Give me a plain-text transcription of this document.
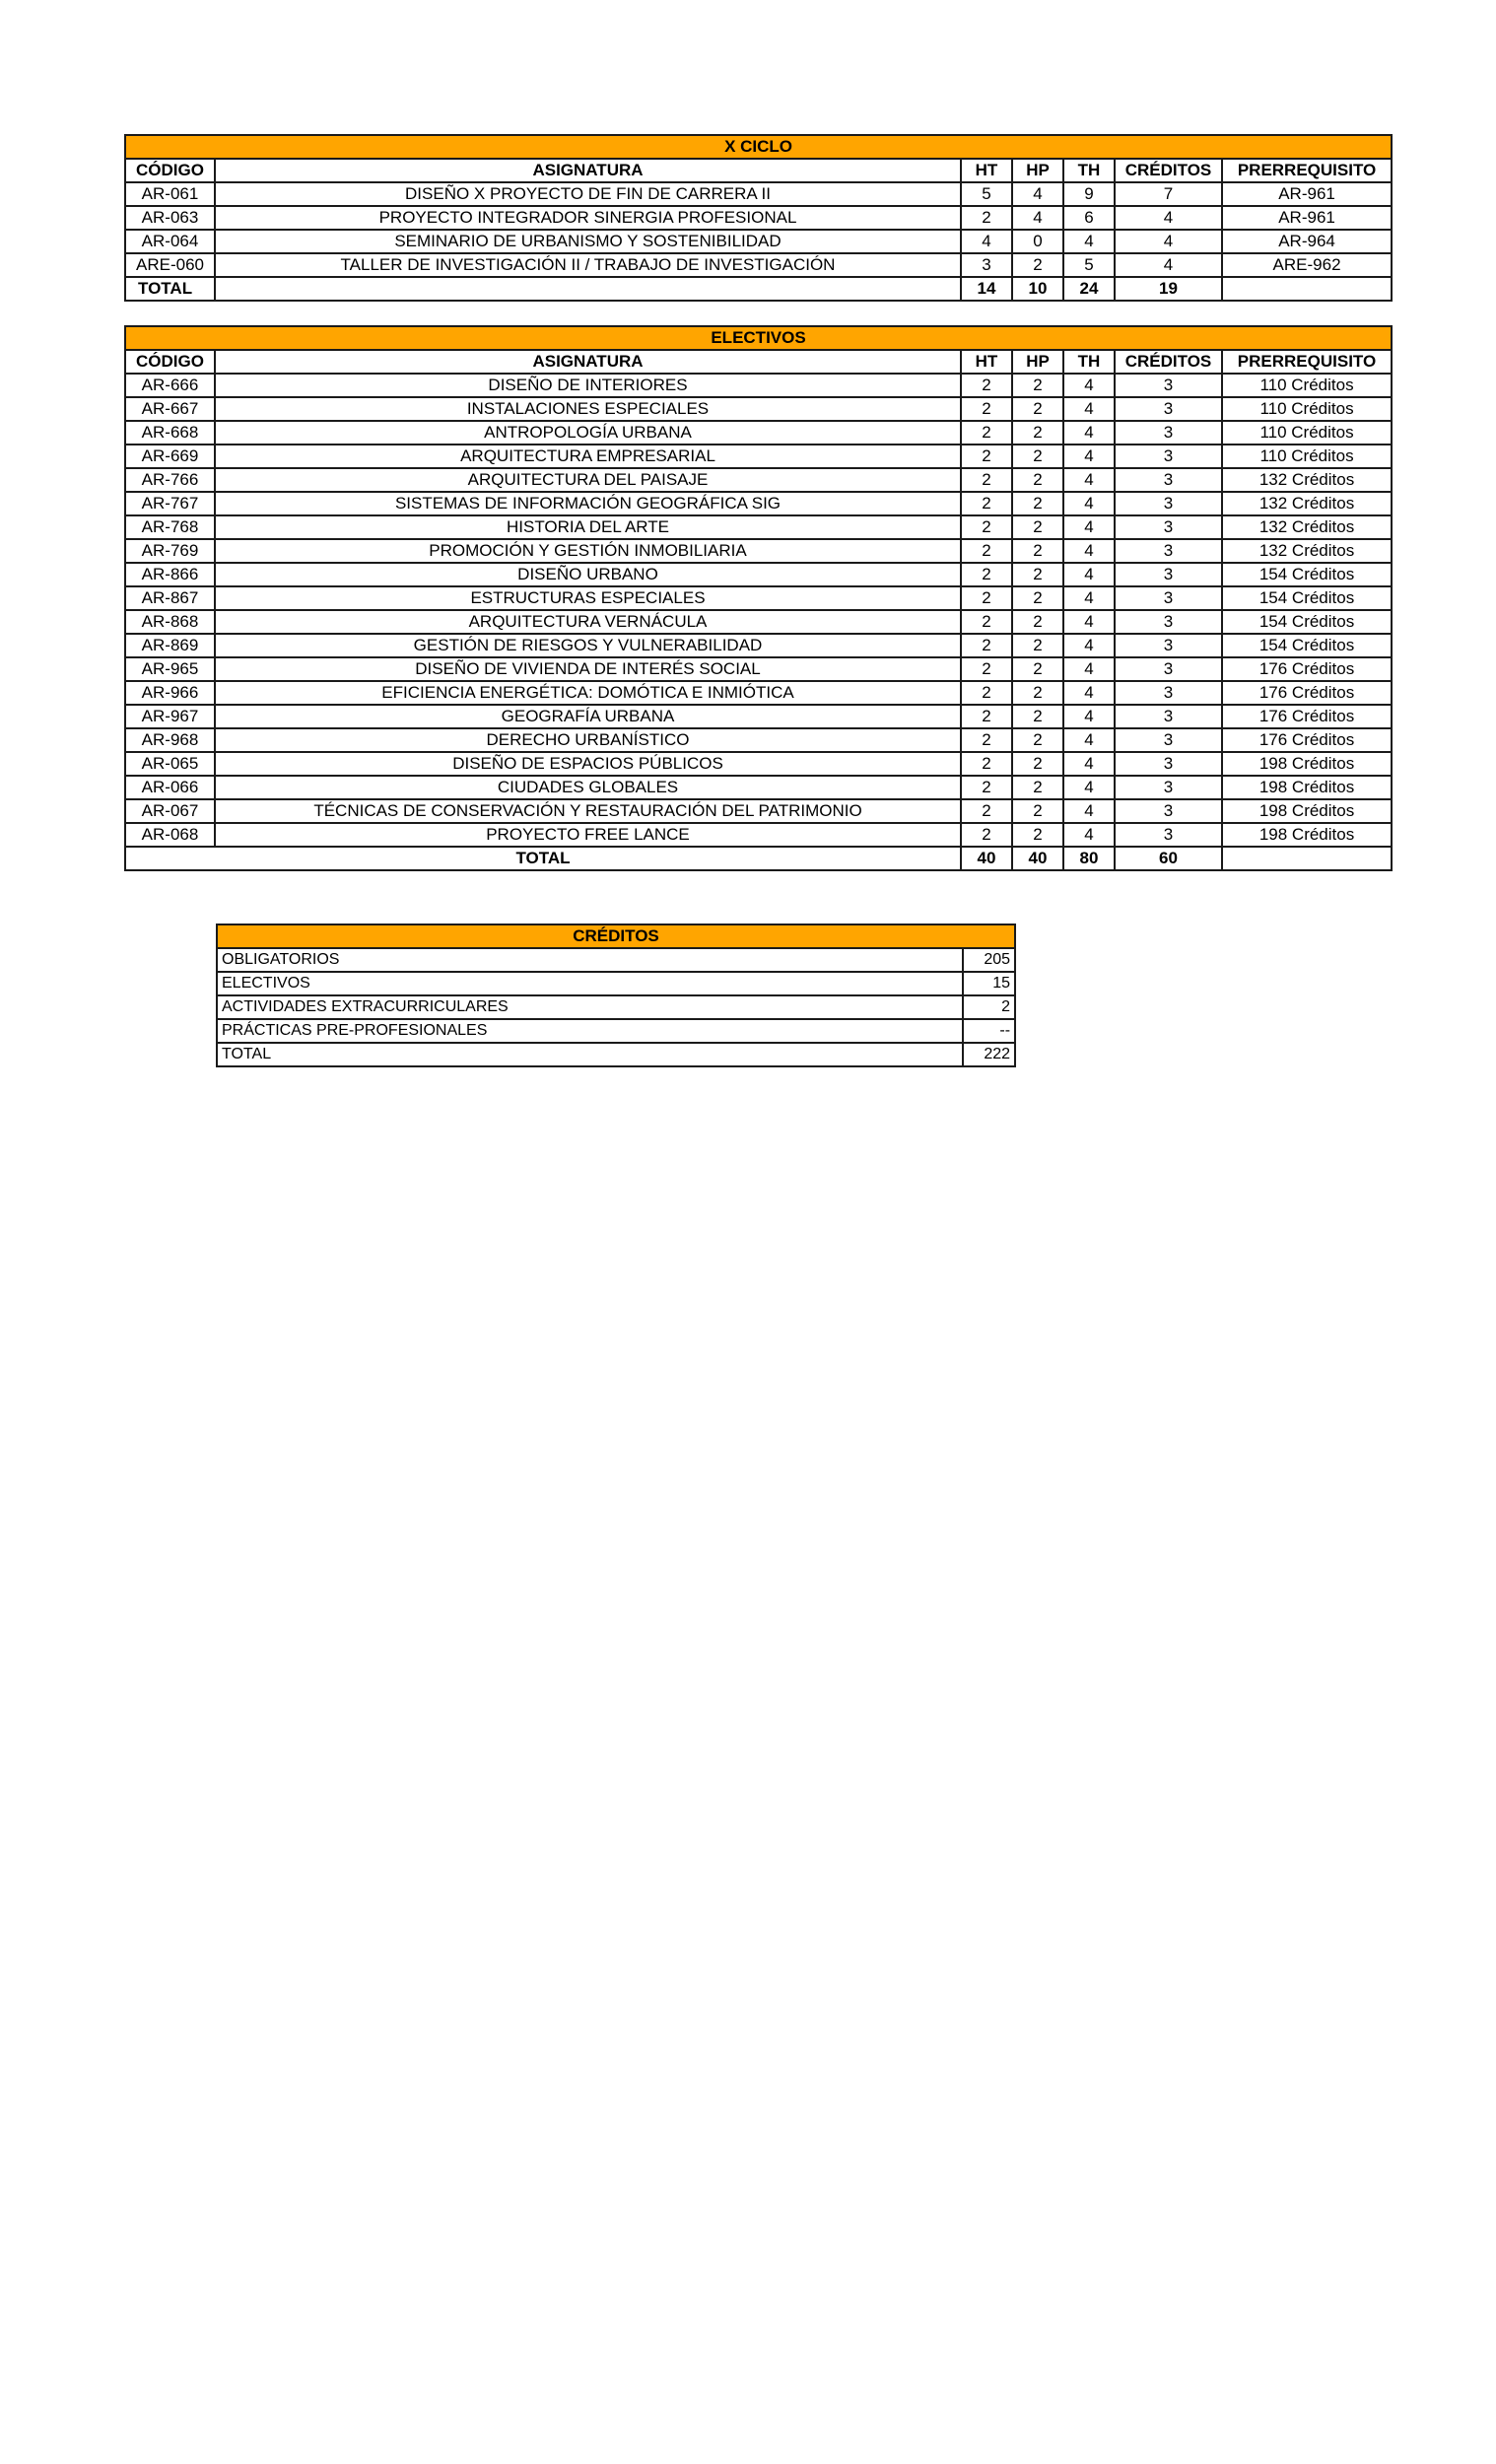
X CICLO						
CÓDIGO	ASIGNATURA	HT	HP	TH	CRÉDITOS	PRERREQUISITO
AR-061	DISEÑO X PROYECTO DE FIN DE CARRERA II	5	4	9	7	AR-961
AR-063	PROYECTO INTEGRADOR SINERGIA PROFESIONAL	2	4	6	4	AR-961
AR-064	SEMINARIO DE URBANISMO Y SOSTENIBILIDAD	4	0	4	4	AR-964
ARE-060	TALLER DE INVESTIGACIÓN II / TRABAJO DE INVESTIGACIÓN	3	2	5	4	ARE-962
TOTAL		14	10	24	19	
ELECTIVOS						
CÓDIGO	ASIGNATURA	HT	HP	TH	CRÉDITOS	PRERREQUISITO
AR-666	DISEÑO DE INTERIORES	2	2	4	3	110 Créditos
AR-667	INSTALACIONES ESPECIALES	2	2	4	3	110 Créditos
AR-668	ANTROPOLOGÍA URBANA	2	2	4	3	110 Créditos
AR-669	ARQUITECTURA EMPRESARIAL	2	2	4	3	110 Créditos
AR-766	ARQUITECTURA DEL PAISAJE	2	2	4	3	132 Créditos
AR-767	SISTEMAS DE INFORMACIÓN GEOGRÁFICA SIG	2	2	4	3	132 Créditos
AR-768	HISTORIA DEL ARTE	2	2	4	3	132 Créditos
AR-769	PROMOCIÓN Y GESTIÓN INMOBILIARIA	2	2	4	3	132 Créditos
AR-866	DISEÑO URBANO	2	2	4	3	154 Créditos
AR-867	ESTRUCTURAS ESPECIALES	2	2	4	3	154 Créditos
AR-868	ARQUITECTURA VERNÁCULA	2	2	4	3	154 Créditos
AR-869	GESTIÓN DE RIESGOS Y VULNERABILIDAD	2	2	4	3	154 Créditos
AR-965	DISEÑO DE VIVIENDA DE INTERÉS SOCIAL	2	2	4	3	176 Créditos
AR-966	EFICIENCIA ENERGÉTICA: DOMÓTICA E INMIÓTICA	2	2	4	3	176 Créditos
AR-967	GEOGRAFÍA URBANA	2	2	4	3	176 Créditos
AR-968	DERECHO URBANÍSTICO	2	2	4	3	176 Créditos
AR-065	DISEÑO DE ESPACIOS PÚBLICOS	2	2	4	3	198 Créditos
AR-066	CIUDADES GLOBALES	2	2	4	3	198 Créditos
AR-067	TÉCNICAS DE CONSERVACIÓN Y RESTAURACIÓN DEL PATRIMONIO	2	2	4	3	198 Créditos
AR-068	PROYECTO FREE LANCE	2	2	4	3	198 Créditos
TOTAL		40	40	80	60	
CRÉDITOS	
OBLIGATORIOS	205
ELECTIVOS	15
ACTIVIDADES EXTRACURRICULARES	2
PRÁCTICAS PRE-PROFESIONALES	--
TOTAL	222
